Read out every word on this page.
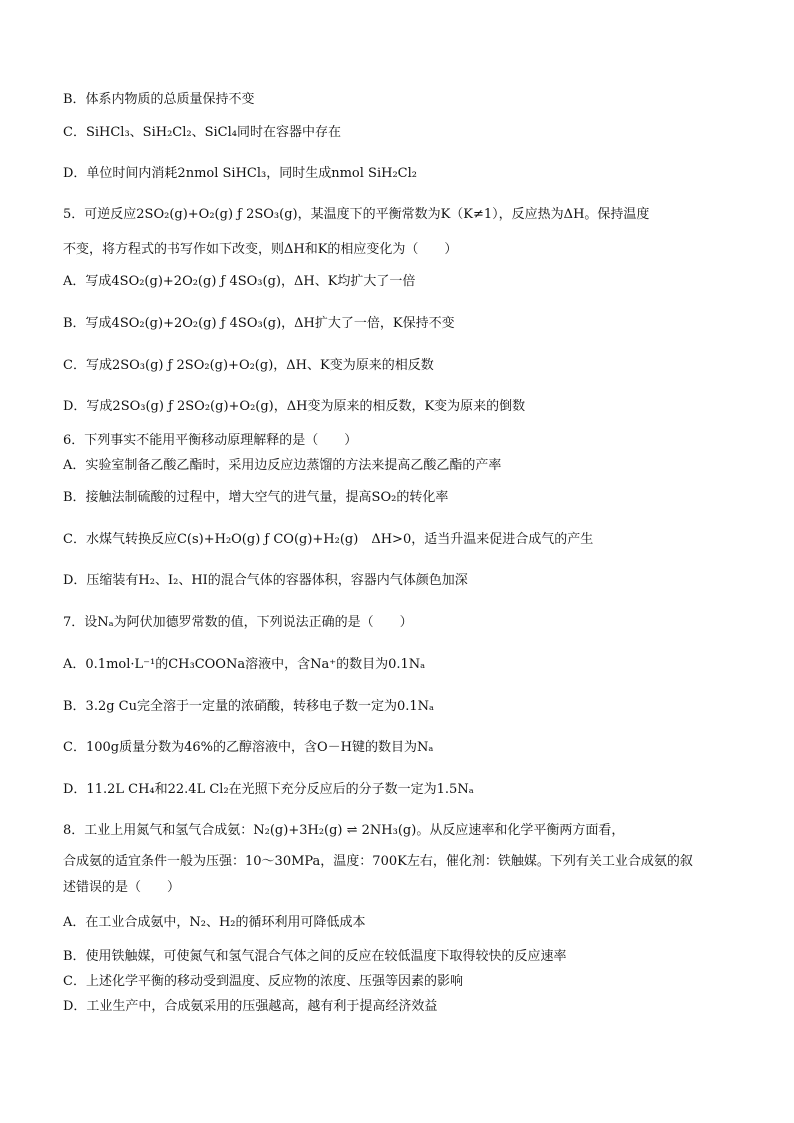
B．体系内物质的总质量保持不变
C．SiHCl₃、SiH₂Cl₂、SiCl₄同时在容器中存在
D．单位时间内消耗2nmol SiHCl₃，同时生成nmol SiH₂Cl₂
5．可逆反应2SO₂(g)+O₂(g) ƒ 2SO₃(g)，某温度下的平衡常数为K（K≠1），反应热为ΔH。保持温度
不变，将方程式的书写作如下改变，则ΔH和K的相应变化为（　　）
A．写成4SO₂(g)+2O₂(g) ƒ 4SO₃(g)，ΔH、K均扩大了一倍
B．写成4SO₂(g)+2O₂(g) ƒ 4SO₃(g)，ΔH扩大了一倍，K保持不变
C．写成2SO₃(g) ƒ 2SO₂(g)+O₂(g)，ΔH、K变为原来的相反数
D．写成2SO₃(g) ƒ 2SO₂(g)+O₂(g)，ΔH变为原来的相反数，K变为原来的倒数
6．下列事实不能用平衡移动原理解释的是（　　）
A．实验室制备乙酸乙酯时，采用边反应边蒸馏的方法来提高乙酸乙酯的产率
B．接触法制硫酸的过程中，增大空气的进气量，提高SO₂的转化率
C．水煤气转换反应C(s)+H₂O(g) ƒ CO(g)+H₂(g)　ΔH>0，适当升温来促进合成气的产生
D．压缩装有H₂、I₂、HI的混合气体的容器体积，容器内气体颜色加深
7．设Nₐ为阿伏加德罗常数的值，下列说法正确的是（　　）
A．0.1mol·L⁻¹的CH₃COONa溶液中，含Na⁺的数目为0.1Nₐ
B．3.2g Cu完全溶于一定量的浓硝酸，转移电子数一定为0.1Nₐ
C．100g质量分数为46%的乙醇溶液中，含O－H键的数目为Nₐ
D．11.2L CH₄和22.4L Cl₂在光照下充分反应后的分子数一定为1.5Nₐ
8．工业上用氮气和氢气合成氨：N₂(g)+3H₂(g) ⇌ 2NH₃(g)。从反应速率和化学平衡两方面看，
合成氨的适宜条件一般为压强：10～30MPa，温度：700K左右，催化剂：铁触媒。下列有关工业合成氨的叙
述错误的是（　　）
A．在工业合成氨中，N₂、H₂的循环利用可降低成本
B．使用铁触媒，可使氮气和氢气混合气体之间的反应在较低温度下取得较快的反应速率
C．上述化学平衡的移动受到温度、反应物的浓度、压强等因素的影响
D．工业生产中，合成氨采用的压强越高，越有利于提高经济效益
